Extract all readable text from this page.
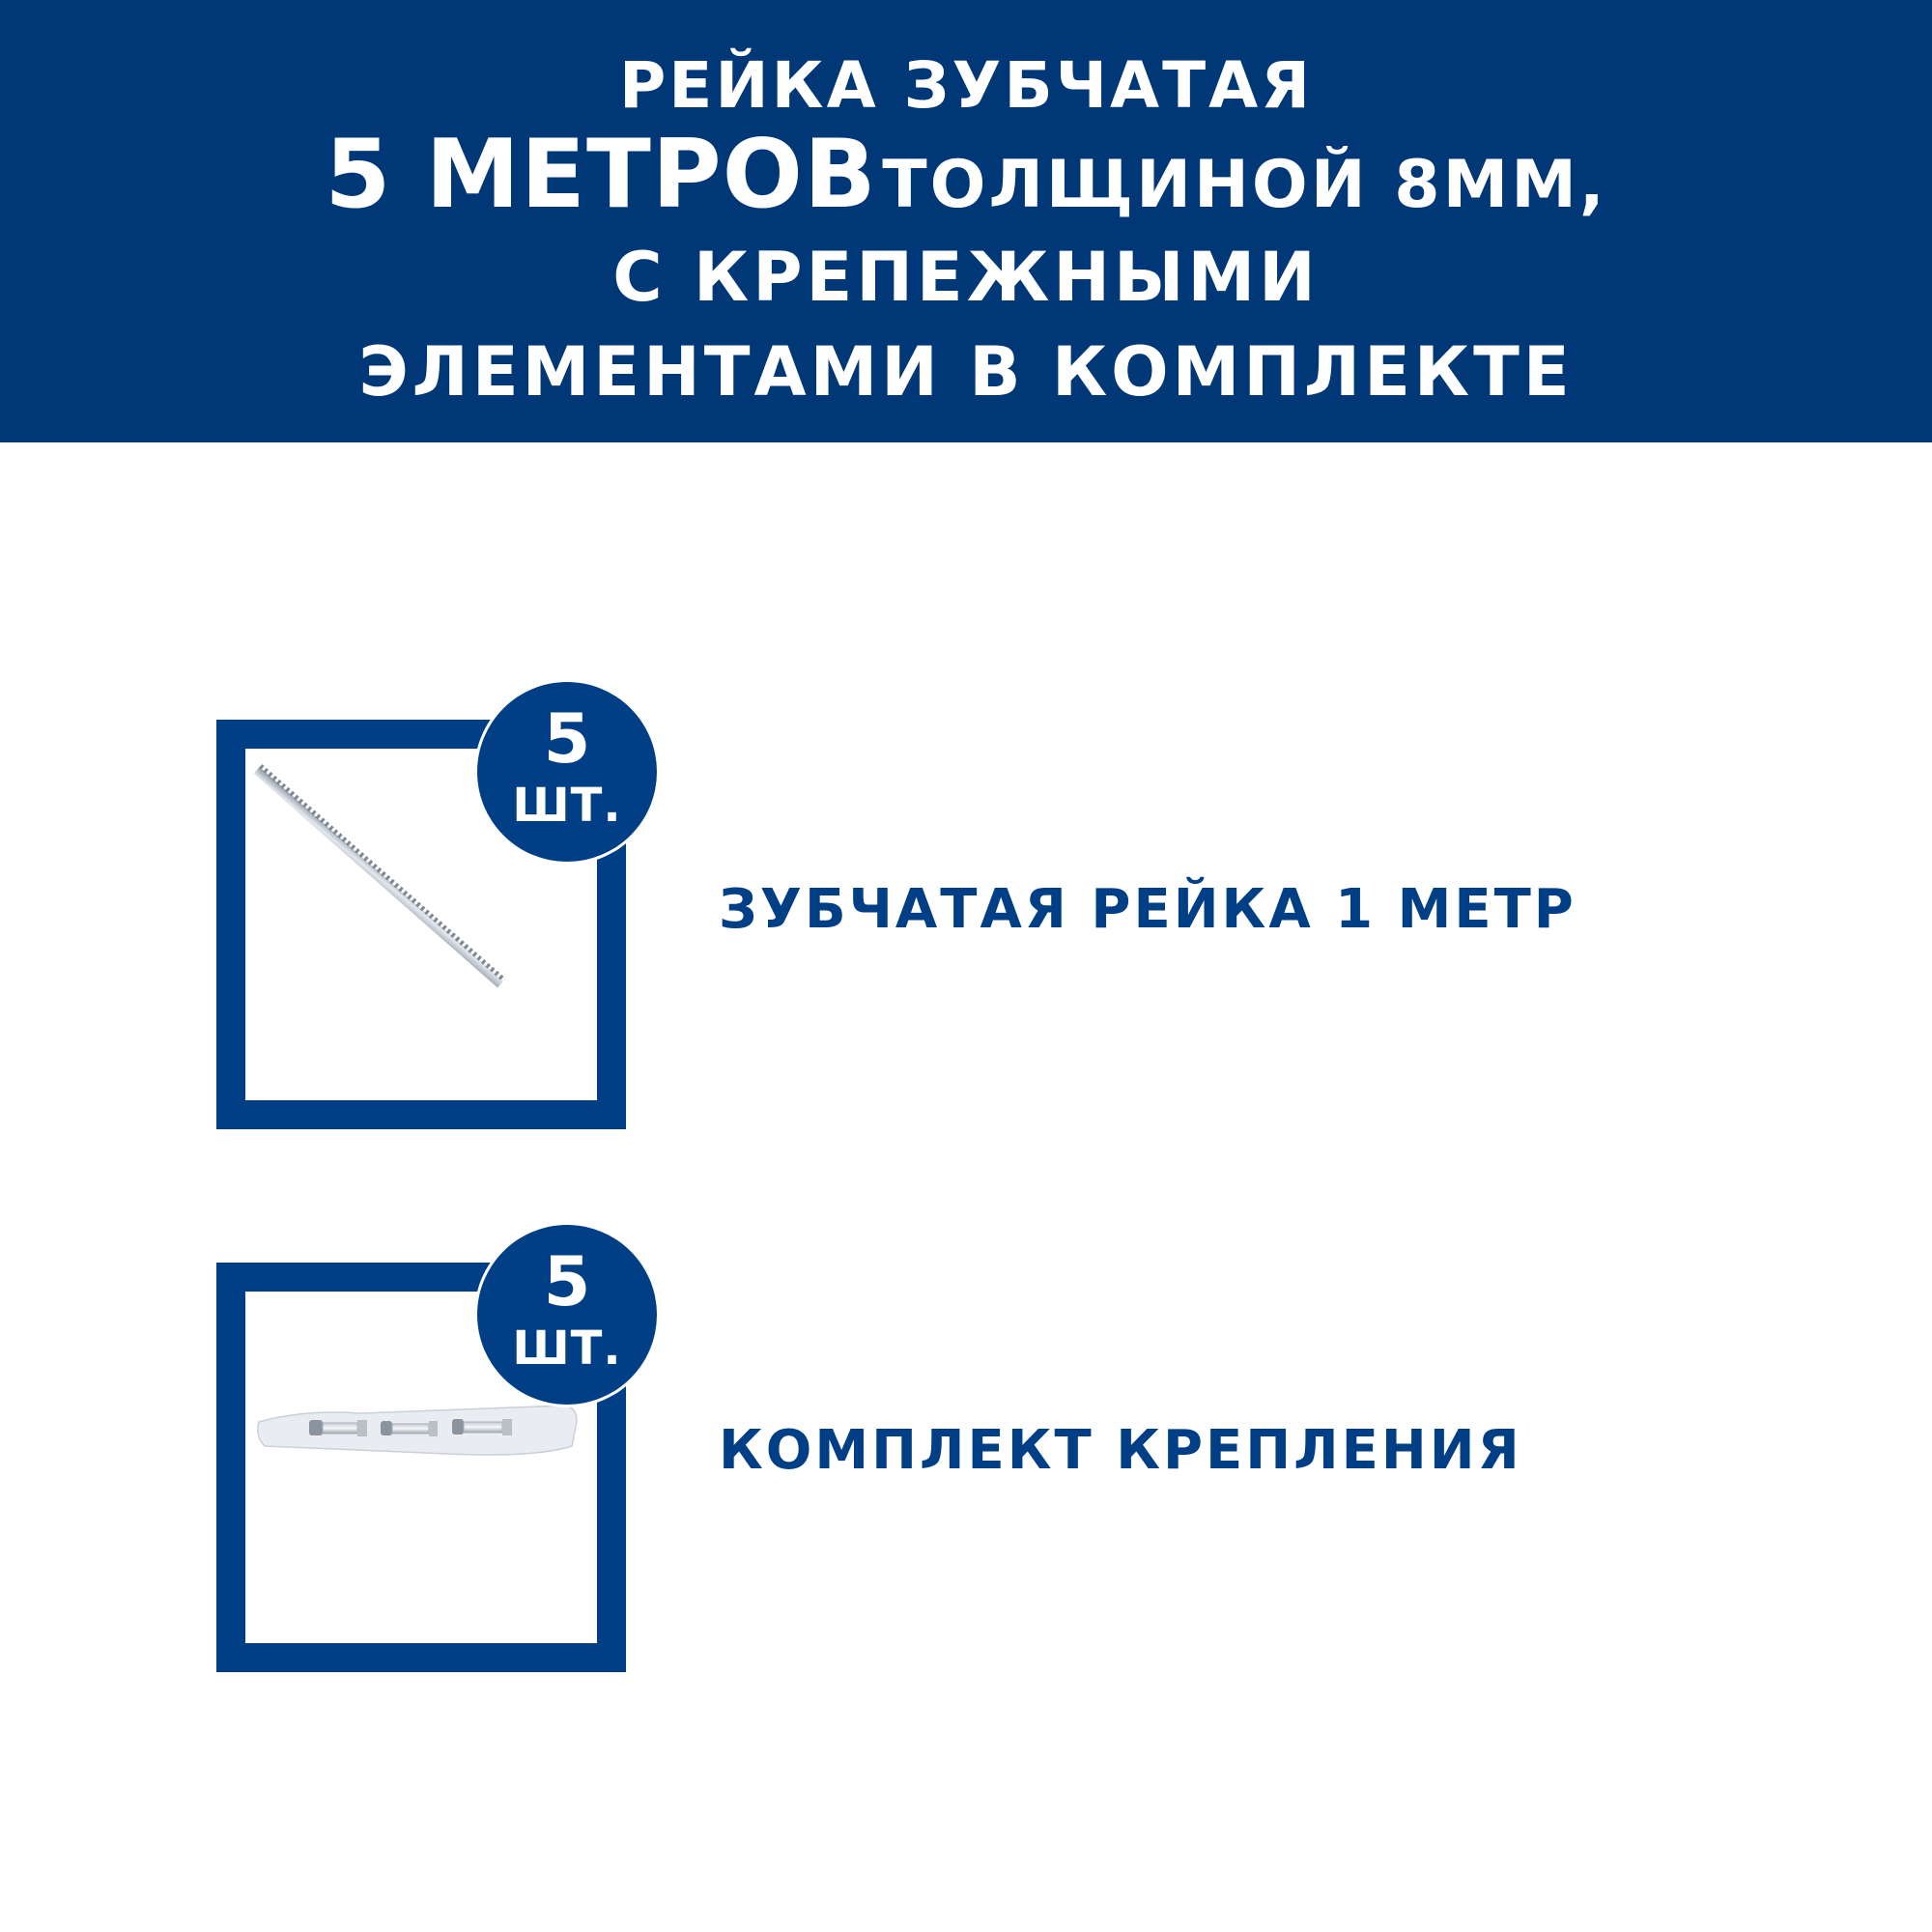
РЕЙКА ЗУБЧАТАЯ
5 МЕТРОВ ТОЛЩИНОЙ 8ММ,
С КРЕПЕЖНЫМИ
ЭЛЕМЕНТАМИ В КОМПЛЕКТЕ
5
ШТ.
ЗУБЧАТАЯ РЕЙКА 1 МЕТР
5
ШТ.
КОМПЛЕКТ КРЕПЛЕНИЯ
